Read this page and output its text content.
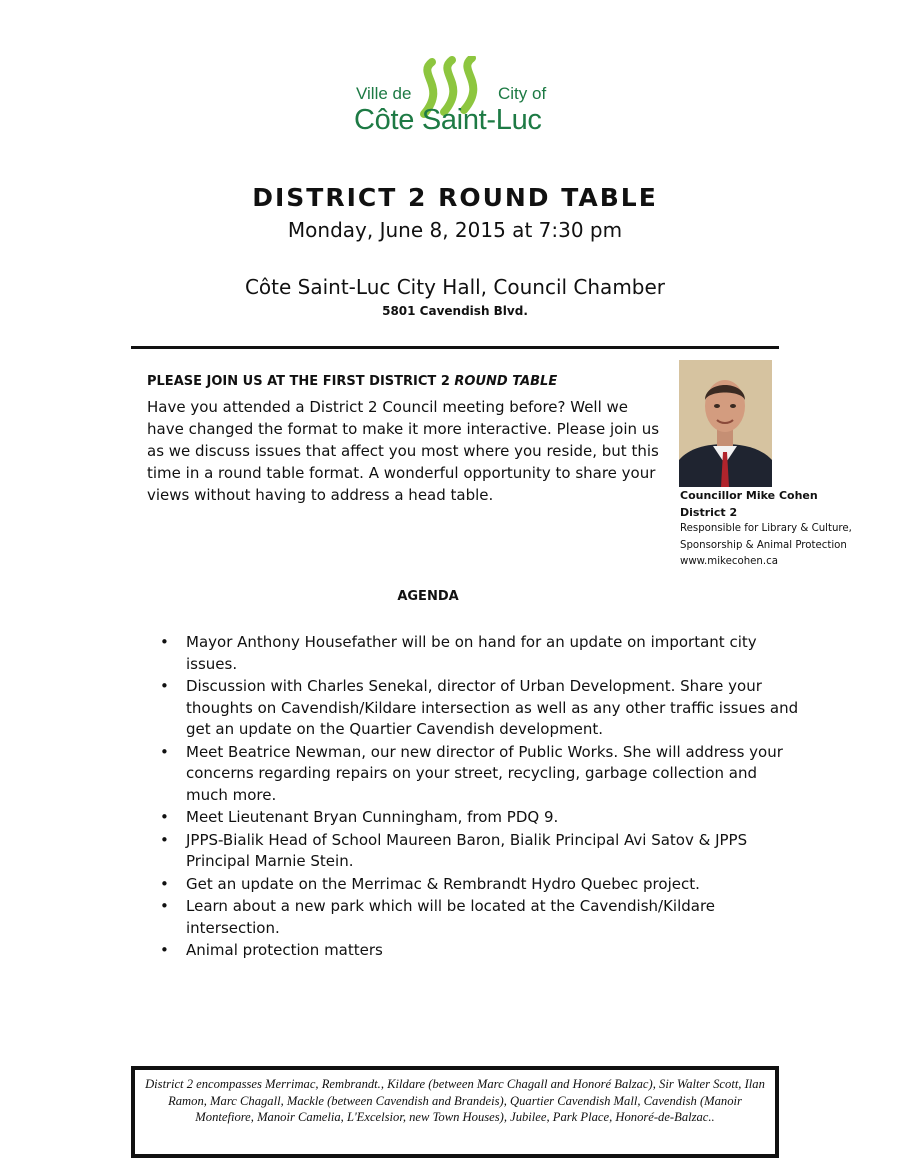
Ville de	City of
Côte Saint-Luc
DISTRICT 2 ROUND TABLE
Monday, June 8, 2015 at 7:30 pm
Côte Saint-Luc City Hall, Council Chamber
5801 Cavendish Blvd.
PLEASE JOIN US AT THE FIRST DISTRICT 2 ROUND TABLE
Have you attended a District 2 Council meeting before? Well we have changed the format to make it more interactive. Please join us as we discuss issues that affect you most where you reside, but this time in a round table format. A wonderful opportunity to share your views without having to address a head table.	Councillor Mike Cohen
District 2
Responsible for Library & Culture, Sponsorship & Animal Protection
www.mikecohen.ca
AGENDA
• Mayor Anthony Housefather will be on hand for an update on important city issues.
• Discussion with Charles Senekal, director of Urban Development. Share your thoughts on Cavendish/Kildare intersection as well as any other traffic issues and get an update on the Quartier Cavendish development.
• Meet Beatrice Newman, our new director of Public Works. She will address your concerns regarding repairs on your street, recycling, garbage collection and much more.
• Meet Lieutenant Bryan Cunningham, from PDQ 9.
• JPPS-Bialik Head of School Maureen Baron, Bialik Principal Avi Satov & JPPS Principal Marnie Stein.
• Get an update on the Merrimac & Rembrandt Hydro Quebec project.
• Learn about a new park which will be located at the Cavendish/Kildare intersection.
• Animal protection matters
District 2 encompasses Merrimac, Rembrandt., Kildare (between Marc Chagall and Honoré Balzac), Sir Walter Scott, Ilan Ramon, Marc Chagall, Mackle (between Cavendish and Brandeis), Quartier Cavendish Mall, Cavendish (Manoir Montefiore, Manoir Camelia, L'Excelsior, new Town Houses), Jubilee, Park Place, Honoré-de-Balzac..
